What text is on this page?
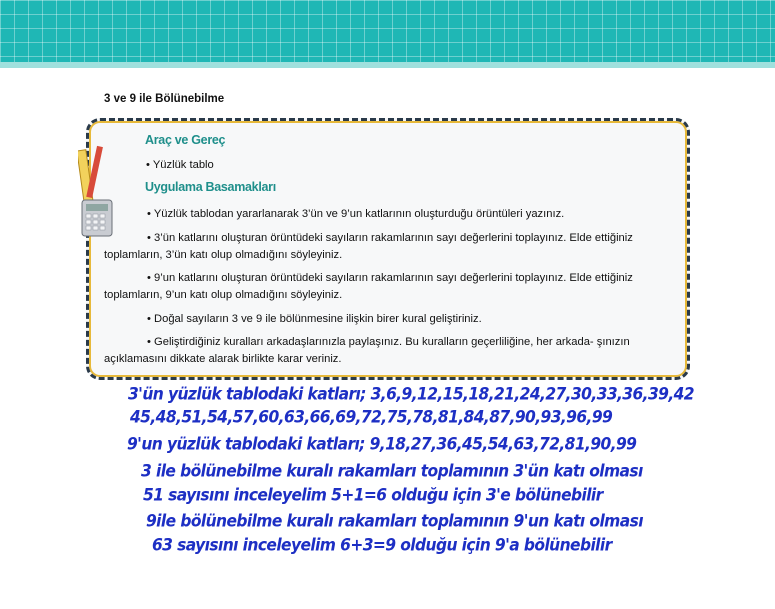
3 ve 9 ile Bölünebilme
Araç ve Gereç
• Yüzlük tablo
Uygulama Basamakları
• Yüzlük tablodan yararlanarak 3’ün ve 9’un katlarının oluşturduğu örüntüleri yazınız.
• 3’ün katlarını oluşturan örüntüdeki sayıların rakamlarının sayı değerlerini toplayınız. Elde ettiğiniz toplamların, 3’ün katı olup olmadığını söyleyiniz.
• 9’un katlarını oluşturan örüntüdeki sayıların rakamlarının sayı değerlerini toplayınız. Elde ettiğiniz toplamların, 9’un katı olup olmadığını söyleyiniz.
• Doğal sayıların 3 ve 9 ile bölünmesine ilişkin birer kural geliştiriniz.
• Geliştirdiğiniz kuralları arkadaşlarınızla paylaşınız. Bu kuralların geçerliliğine, her arkada- şınızın açıklamasını dikkate alarak birlikte karar veriniz.
3'ün yüzlük tablodaki katları; 3,6,9,12,15,18,21,24,27,30,33,36,39,42
45,48,51,54,57,60,63,66,69,72,75,78,81,84,87,90,93,96,99
9'un yüzlük tablodaki katları; 9,18,27,36,45,54,63,72,81,90,99
3 ile bölünebilme kuralı rakamları toplamının 3'ün katı olması
51 sayısını inceleyelim 5+1=6 olduğu için 3'e bölünebilir
9ile bölünebilme kuralı rakamları toplamının 9'un katı olması
63 sayısını inceleyelim 6+3=9 olduğu için 9'a bölünebilir
